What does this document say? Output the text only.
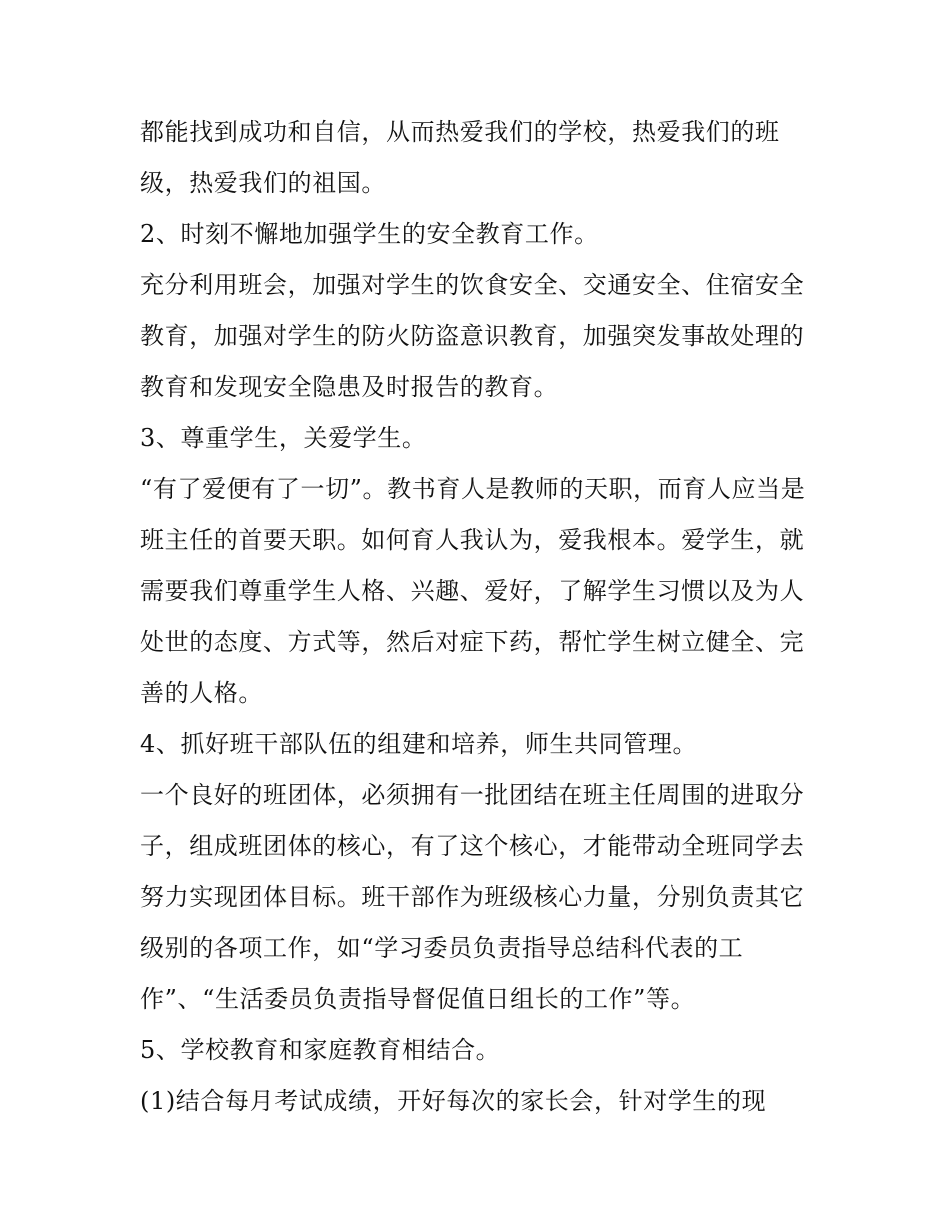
都能找到成功和自信，从而热爱我们的学校，热爱我们的班
级，热爱我们的祖国。
2、时刻不懈地加强学生的安全教育工作。
充分利用班会，加强对学生的饮食安全、交通安全、住宿安全
教育，加强对学生的防火防盗意识教育，加强突发事故处理的
教育和发现安全隐患及时报告的教育。
3、尊重学生，关爱学生。
“有了爱便有了一切”。教书育人是教师的天职，而育人应当是
班主任的首要天职。如何育人我认为，爱我根本。爱学生，就
需要我们尊重学生人格、兴趣、爱好，了解学生习惯以及为人
处世的态度、方式等，然后对症下药，帮忙学生树立健全、完
善的人格。
4、抓好班干部队伍的组建和培养，师生共同管理。
一个良好的班团体，必须拥有一批团结在班主任周围的进取分
子，组成班团体的核心，有了这个核心，才能带动全班同学去
努力实现团体目标。班干部作为班级核心力量，分别负责其它
级别的各项工作，如“学习委员负责指导总结科代表的工
作”、“生活委员负责指导督促值日组长的工作”等。
5、学校教育和家庭教育相结合。
(1)结合每月考试成绩，开好每次的家长会，针对学生的现
